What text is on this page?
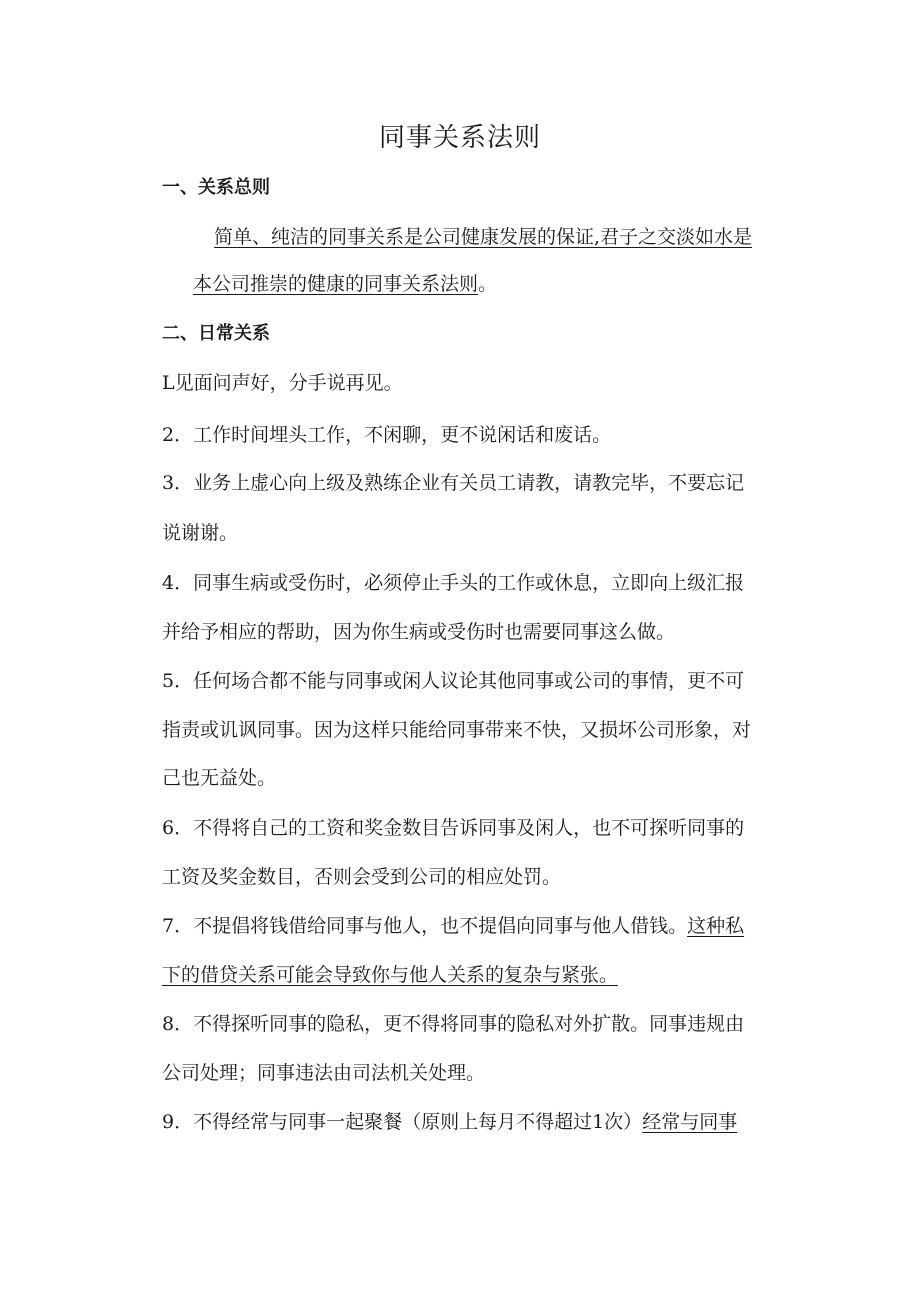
同事关系法则
一、关系总则

简单、纯洁的同事关系是公司健康发展的保证,君子之交淡如水是

本公司推崇的健康的同事关系法则。

二、日常关系

L见面问声好，分手说再见。

2．工作时间埋头工作，不闲聊，更不说闲话和废话。

3．业务上虚心向上级及熟练企业有关员工请教，请教完毕，不要忘记

说谢谢。

4．同事生病或受伤时，必须停止手头的工作或休息，立即向上级汇报

并给予相应的帮助，因为你生病或受伤时也需要同事这么做。

5．任何场合都不能与同事或闲人议论其他同事或公司的事情，更不可

指责或讥讽同事。因为这样只能给同事带来不快，又损坏公司形象，对

己也无益处。

6．不得将自己的工资和奖金数目告诉同事及闲人，也不可探听同事的

工资及奖金数目，否则会受到公司的相应处罚。

7．不提倡将钱借给同事与他人，也不提倡向同事与他人借钱。这种私

下的借贷关系可能会导致你与他人关系的复杂与紧张。

8．不得探听同事的隐私，更不得将同事的隐私对外扩散。同事违规由

公司处理；同事违法由司法机关处理。

9．不得经常与同事一起聚餐（原则上每月不得超过1次）经常与同事
